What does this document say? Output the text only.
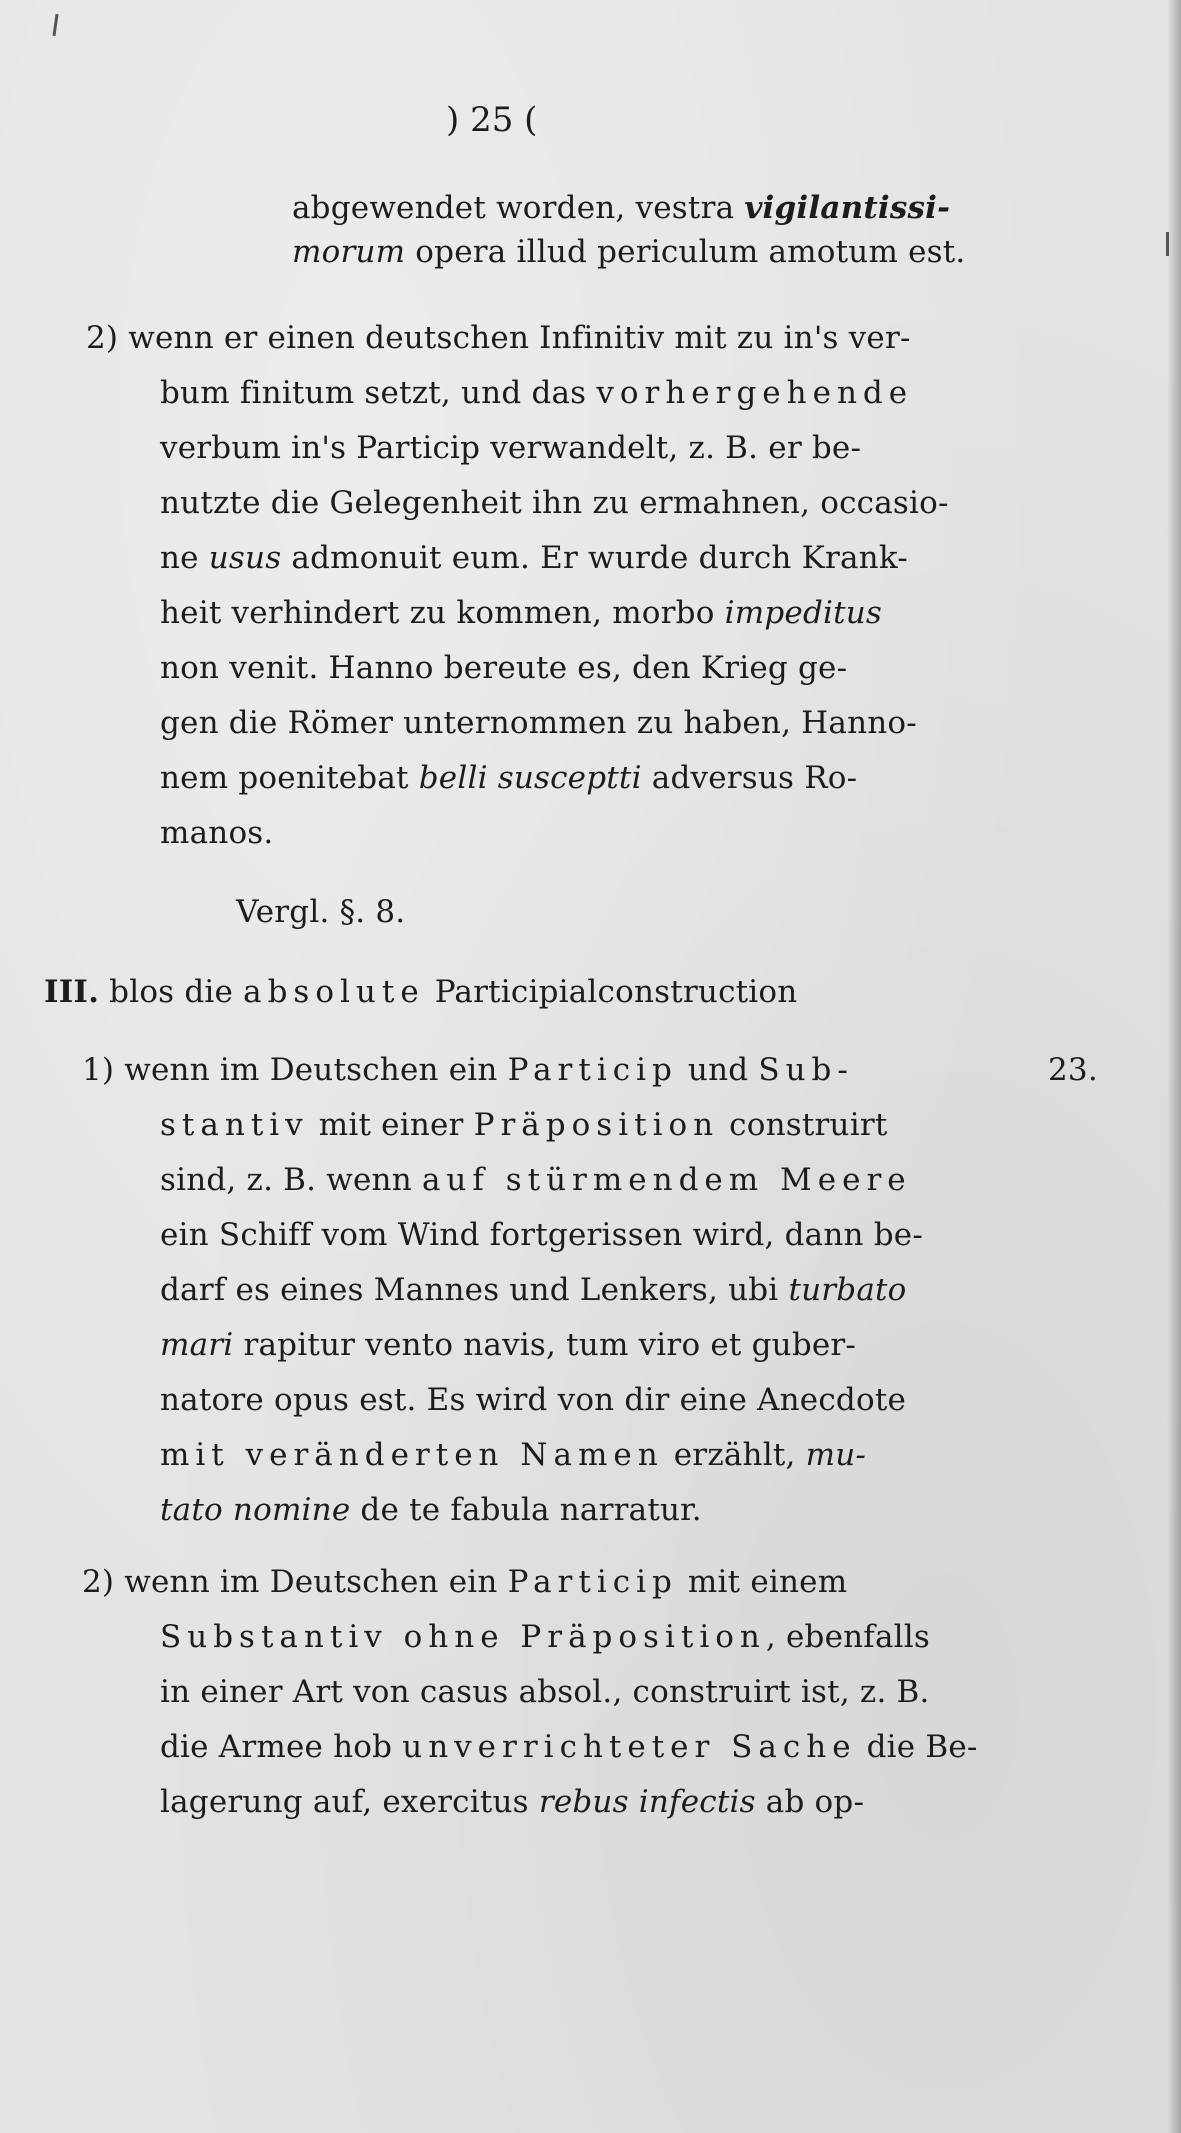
) 25 (
abgewendet worden, vestra vigilantissi-
morum opera illud periculum amotum est.
2) wenn er einen deutschen Infinitiv mit zu in's ver-
bum finitum setzt, und das vorhergehende
verbum in's Particip verwandelt, z. B. er be-
nutzte die Gelegenheit ihn zu ermahnen, occasio-
ne usus admonuit eum. Er wurde durch Krank-
heit verhindert zu kommen, morbo impeditus
non venit. Hanno bereute es, den Krieg ge-
gen die Römer unternommen zu haben, Hanno-
nem poenitebat belli susceptti adversus Ro-
manos.
Vergl. §. 8.
III. blos die absolute Participialconstruction
1) wenn im Deutschen ein Particip und Sub-	23.
stantiv mit einer Präposition construirt
sind, z. B. wenn auf stürmendem Meere
ein Schiff vom Wind fortgerissen wird, dann be-
darf es eines Mannes und Lenkers, ubi turbato
mari rapitur vento navis, tum viro et guber-
natore opus est. Es wird von dir eine Anecdote
mit veränderten Namen erzählt, mu-
tato nomine de te fabula narratur.
2) wenn im Deutschen ein Particip mit einem
Substantiv ohne Präposition, ebenfalls
in einer Art von casus absol., construirt ist, z. B.
die Armee hob unverrichteter Sache die Be-
lagerung auf, exercitus rebus infectis ab op-
